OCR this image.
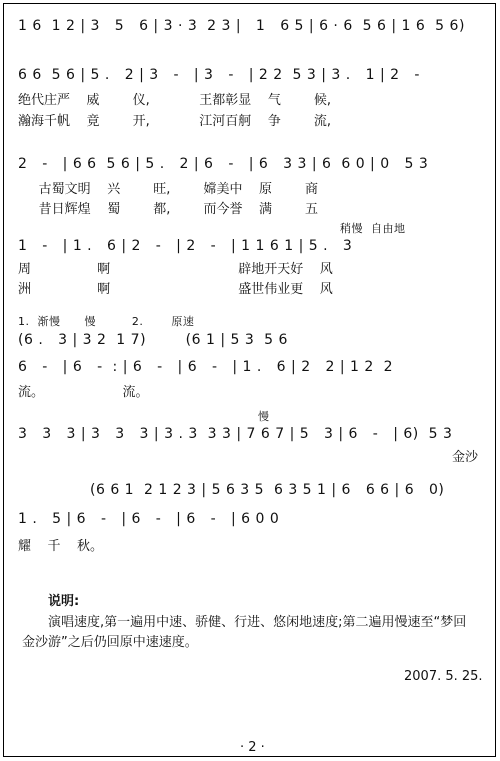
1 6  1 2 | 3   5   6 | 3 · 3  2 3 |   1   6 5 | 6 · 6  5 6 | 1 6  5 6)
6 6  5 6 | 5 .   2 | 3   -   | 3   -   | 2 2  5 3 | 3 .   1 | 2   -
绝代庄严    威        仪,            王都彰显    气        候,
瀚海千帆    竟        开,            江河百舸    争        流,
2   -   | 6 6  5 6 | 5 .   2 | 6   -   | 6   3 3 | 6  6 0 | 0   5 3
古蜀文明    兴        旺,        嫦美中    原        商
昔日辉煌    蜀        都,        而今誉    满        五
稍慢  自由地
1   -   | 1 .   6 | 2   -   | 2   -   | 1 1 6 1 | 5 .   3
周                啊                               辟地开天好    风
洲                啊                               盛世伟业更    风
1.  渐慢      慢         2.       原速
(6 .   3 | 3 2  1 7)        (6 1 | 5 3  5 6
6   -   | 6   -  : | 6   -   | 6   -   | 1 .   6 | 2   2 | 1 2  2
流。                   流。
慢
3   3   3 | 3   3   3 | 3 . 3  3 3 | 7 6 7 | 5   3 | 6   -   | 6)  5 3
金沙
(6 6 1  2 1 2 3 | 5 6 3 5  6 3 5 1 | 6   6 6 | 6   0)
1 .   5 | 6   -   | 6   -   | 6   -   | 6 0 0
耀    千    秋。
说明:
演唱速度,第一遍用中速、骄健、行进、悠闲地速度;第二遍用慢速至“梦回
金沙游”之后仍回原中速速度。
2007. 5. 25.
· 2 ·
